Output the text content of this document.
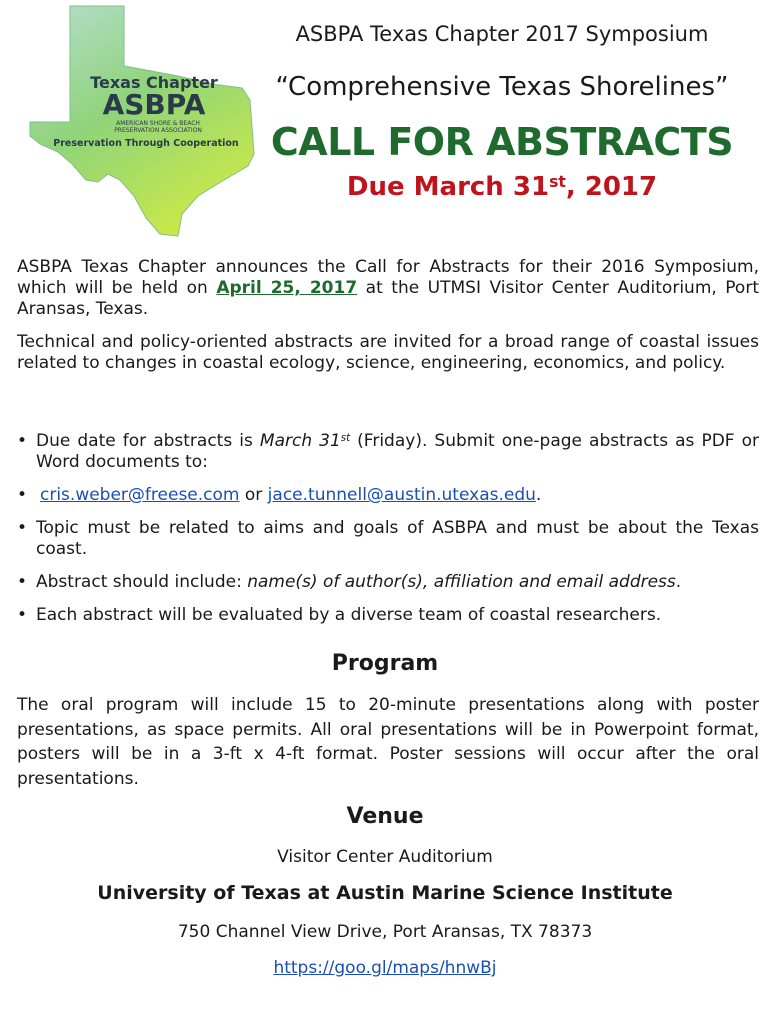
Texas Chapter
ASBPA
AMERICAN SHORE & BEACH
PRESERVATION ASSOCIATION
Preservation Through Cooperation
ASBPA Texas Chapter 2017 Symposium
“Comprehensive Texas Shorelines”
CALL FOR ABSTRACTS
Due March 31st, 2017

ASBPA Texas Chapter announces the Call for Abstracts for their 2016 Symposium, which will be held on April 25, 2017 at the UTMSI Visitor Center Auditorium, Port Aransas, Texas.

Technical and policy-oriented abstracts are invited for a broad range of coastal issues related to changes in coastal ecology, science, engineering, economics, and policy.

• Due date for abstracts is March 31st (Friday). Submit one-page abstracts as PDF or Word documents to:
• cris.weber@freese.com or jace.tunnell@austin.utexas.edu.
• Topic must be related to aims and goals of ASBPA and must be about the Texas coast.
• Abstract should include: name(s) of author(s), affiliation and email address.
• Each abstract will be evaluated by a diverse team of coastal researchers.
Program

The oral program will include 15 to 20-minute presentations along with poster presentations, as space permits. All oral presentations will be in Powerpoint format, posters will be in a 3-ft x 4-ft format. Poster sessions will occur after the oral presentations.

Venue
Visitor Center Auditorium
University of Texas at Austin Marine Science Institute
750 Channel View Drive, Port Aransas, TX 78373
https://goo.gl/maps/hnwBj
